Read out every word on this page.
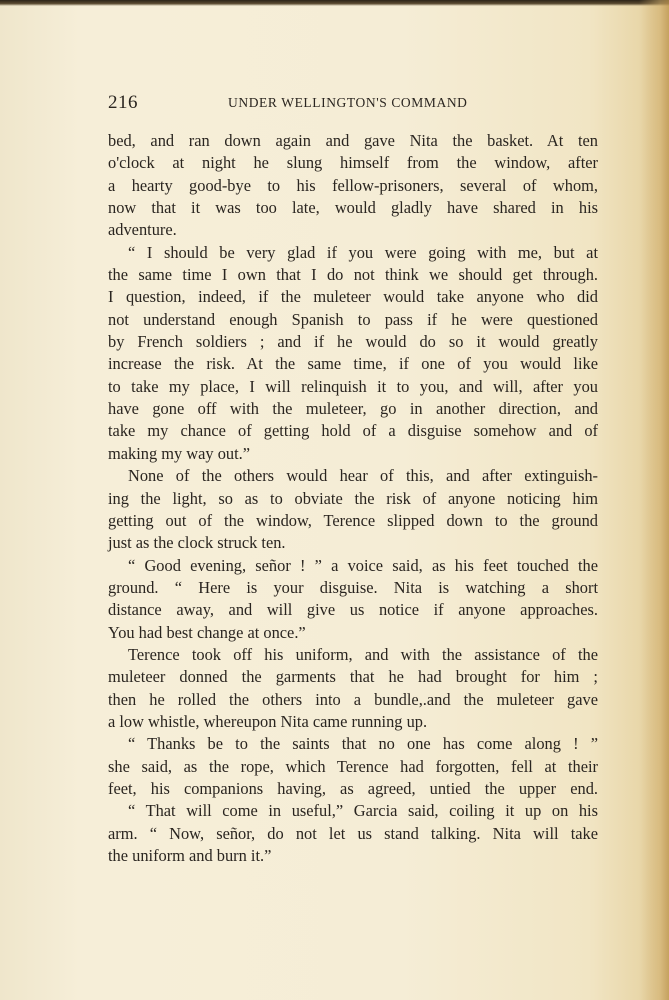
216	UNDER WELLINGTON'S COMMAND
bed, and ran down again and gave Nita the basket. At ten
o'clock at night he slung himself from the window, after
a hearty good-bye to his fellow-prisoners, several of whom,
now that it was too late, would gladly have shared in his
adventure.
“ I should be very glad if you were going with me, but at
the same time I own that I do not think we should get through.
I question, indeed, if the muleteer would take anyone who did
not understand enough Spanish to pass if he were questioned
by French soldiers ; and if he would do so it would greatly
increase the risk. At the same time, if one of you would like
to take my place, I will relinquish it to you, and will, after you
have gone off with the muleteer, go in another direction, and
take my chance of getting hold of a disguise somehow and of
making my way out.”
None of the others would hear of this, and after extinguish-
ing the light, so as to obviate the risk of anyone noticing him
getting out of the window, Terence slipped down to the ground
just as the clock struck ten.
“ Good evening, señor ! ” a voice said, as his feet touched the
ground. “ Here is your disguise. Nita is watching a short
distance away, and will give us notice if anyone approaches.
You had best change at once.”
Terence took off his uniform, and with the assistance of the
muleteer donned the garments that he had brought for him ;
then he rolled the others into a bundle,.and the muleteer gave
a low whistle, whereupon Nita came running up.
“ Thanks be to the saints that no one has come along ! ”
she said, as the rope, which Terence had forgotten, fell at their
feet, his companions having, as agreed, untied the upper end.
“ That will come in useful,” Garcia said, coiling it up on his
arm. “ Now, señor, do not let us stand talking. Nita will take
the uniform and burn it.”
